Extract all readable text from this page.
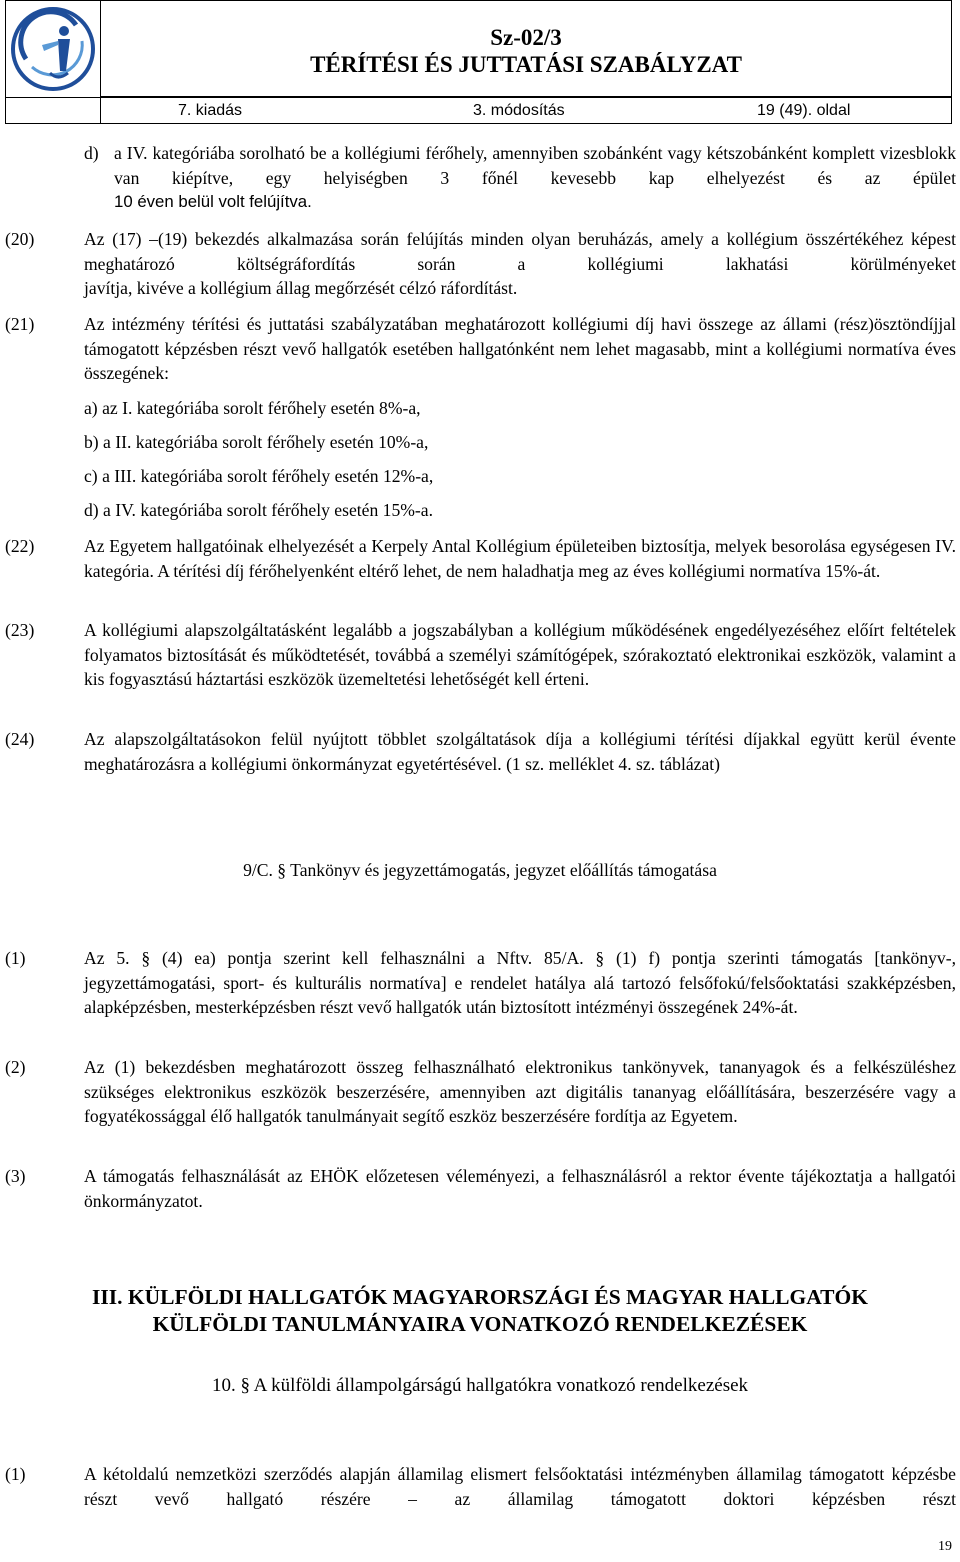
Sz-02/3
TÉRÍTÉSI ÉS JUTTATÁSI SZABÁLYZAT
7. kiadás	3. módosítás	19 (49). oldal
d) a IV. kategóriába sorolható be a kollégiumi férőhely, amennyiben szobánként vagy kétszobánként komplett vizesblokk van kiépítve, egy helyiségben 3 főnél kevesebb kap elhelyezést és az épület
10 éven belül volt felújítva.
(20)	Az (17) –(19) bekezdés alkalmazása során felújítás minden olyan beruházás, amely a kollégium összértékéhez képest meghatározó költségráfordítás során a kollégiumi lakhatási körülményeket
javítja, kivéve a kollégium állag megőrzését célzó ráfordítást.
(21)	Az intézmény térítési és juttatási szabályzatában meghatározott kollégiumi díj havi összege az állami (rész)ösztöndíjjal támogatott képzésben részt vevő hallgatók esetében hallgatónként nem lehet magasabb, mint a kollégiumi normatíva éves összegének:
a) az I. kategóriába sorolt férőhely esetén 8%-a,
b) a II. kategóriába sorolt férőhely esetén 10%-a,
c) a III. kategóriába sorolt férőhely esetén 12%-a,
d) a IV. kategóriába sorolt férőhely esetén 15%-a.
(22)	Az Egyetem hallgatóinak elhelyezését a Kerpely Antal Kollégium épületeiben biztosítja, melyek besorolása egységesen IV. kategória. A térítési díj férőhelyenként eltérő lehet, de nem haladhatja meg az éves kollégiumi normatíva 15%-át.
(23)	A kollégiumi alapszolgáltatásként legalább a jogszabályban a kollégium működésének engedélyezéséhez előírt feltételek folyamatos biztosítását és működtetését, továbbá a személyi számítógépek, szórakoztató elektronikai eszközök, valamint a kis fogyasztású háztartási eszközök üzemeltetési lehetőségét kell érteni.
(24)	Az alapszolgáltatásokon felül nyújtott többlet szolgáltatások díja a kollégiumi térítési díjakkal együtt kerül évente meghatározásra a kollégiumi önkormányzat egyetértésével. (1 sz. melléklet 4. sz. táblázat)
9/C. § Tankönyv és jegyzettámogatás, jegyzet előállítás támogatása
(1)	Az 5. § (4) ea) pontja szerint kell felhasználni a Nftv. 85/A. § (1) f) pontja szerinti támogatás [tankönyv-, jegyzettámogatási, sport- és kulturális normatíva] e rendelet hatálya alá tartozó felsőfokú/felsőoktatási szakképzésben, alapképzésben, mesterképzésben részt vevő hallgatók után biztosított intézményi összegének 24%-át.
(2)	Az (1) bekezdésben meghatározott összeg felhasználható elektronikus tankönyvek, tananyagok és a felkészüléshez szükséges elektronikus eszközök beszerzésére, amennyiben azt digitális tananyag előállítására, beszerzésére vagy a fogyatékossággal élő hallgatók tanulmányait segítő eszköz beszerzésére fordítja az Egyetem.
(3)	A támogatás felhasználását az EHÖK előzetesen véleményezi, a felhasználásról a rektor évente tájékoztatja a hallgatói önkormányzatot.
III. KÜLFÖLDI HALLGATÓK MAGYARORSZÁGI ÉS MAGYAR HALLGATÓK
KÜLFÖLDI TANULMÁNYAIRA VONATKOZÓ RENDELKEZÉSEK
10. § A külföldi állampolgárságú hallgatókra vonatkozó rendelkezések
(1)	A kétoldalú nemzetközi szerződés alapján államilag elismert felsőoktatási intézményben államilag támogatott képzésbe részt vevő hallgató részére – az államilag támogatott doktori képzésben részt
19
